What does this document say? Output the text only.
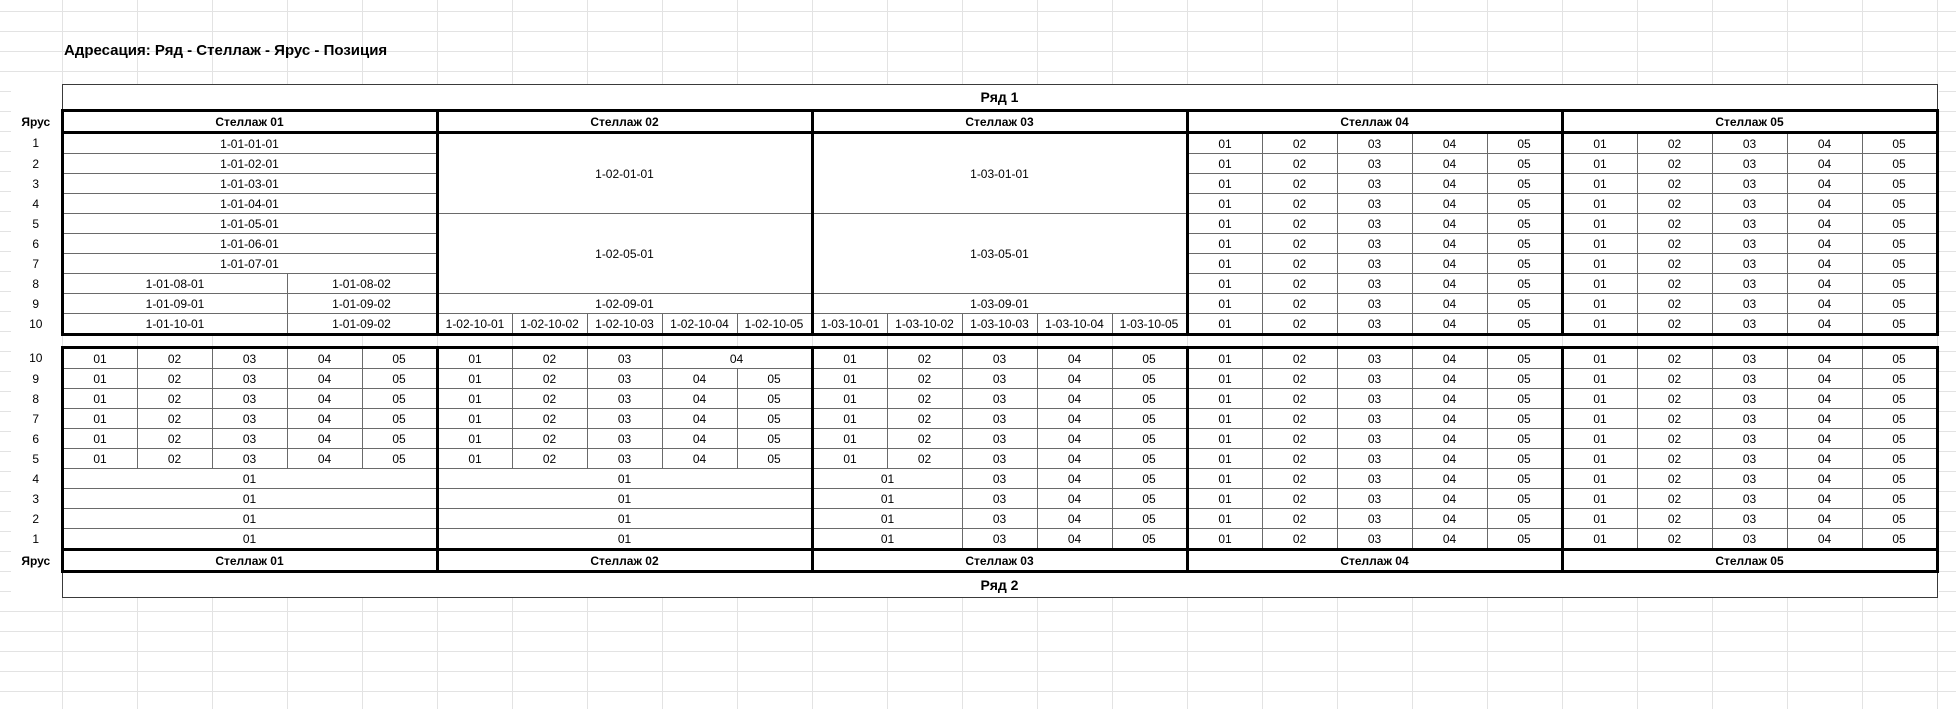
Адресация: Ряд - Стеллаж - Ярус - Позиция
	Ряд 1																					
Ярус	Стеллаж 01		Стеллаж 02					Стеллаж 03					Стеллаж 04					Стеллаж 05				
1	1-01-01-01		1-02-01-01					1-03-01-01					01	02	03	04	05	01	02	03	04	05
2	1-01-02-01												01	02	03	04	05	01	02	03	04	05
3	1-01-03-01												01	02	03	04	05	01	02	03	04	05
4	1-01-04-01												01	02	03	04	05	01	02	03	04	05
5	1-01-05-01		1-02-05-01					1-03-05-01					01	02	03	04	05	01	02	03	04	05
6	1-01-06-01												01	02	03	04	05	01	02	03	04	05
7	1-01-07-01												01	02	03	04	05	01	02	03	04	05
8	1-01-08-01	1-01-08-02											01	02	03	04	05	01	02	03	04	05
9	1-01-09-01	1-01-09-02	1-02-09-01					1-03-09-01					01	02	03	04	05	01	02	03	04	05
10	1-01-10-01	1-01-09-02	1-02-10-01	1-02-10-02	1-02-10-03	1-02-10-04	1-02-10-05	1-03-10-01	1-03-10-02	1-03-10-03	1-03-10-04	1-03-10-05	01	02	03	04	05	01	02	03	04	05
10	01	02	03	04	05	01	02	03	04		01	02	03	04	05	01	02	03	04	05	01	02	03	04	05
9	01	02	03	04	05	01	02	03	04	05	01	02	03	04	05	01	02	03	04	05	01	02	03	04	05
8	01	02	03	04	05	01	02	03	04	05	01	02	03	04	05	01	02	03	04	05	01	02	03	04	05
7	01	02	03	04	05	01	02	03	04	05	01	02	03	04	05	01	02	03	04	05	01	02	03	04	05
6	01	02	03	04	05	01	02	03	04	05	01	02	03	04	05	01	02	03	04	05	01	02	03	04	05
5	01	02	03	04	05	01	02	03	04	05	01	02	03	04	05	01	02	03	04	05	01	02	03	04	05
4	01					01					01		03	04	05	01	02	03	04	05	01	02	03	04	05
3	01					01					01		03	04	05	01	02	03	04	05	01	02	03	04	05
2	01					01					01		03	04	05	01	02	03	04	05	01	02	03	04	05
1	01					01					01		03	04	05	01	02	03	04	05	01	02	03	04	05
Ярус	Стеллаж 01					Стеллаж 02					Стеллаж 03					Стеллаж 04					Стеллаж 05				
	Ряд 2																								
